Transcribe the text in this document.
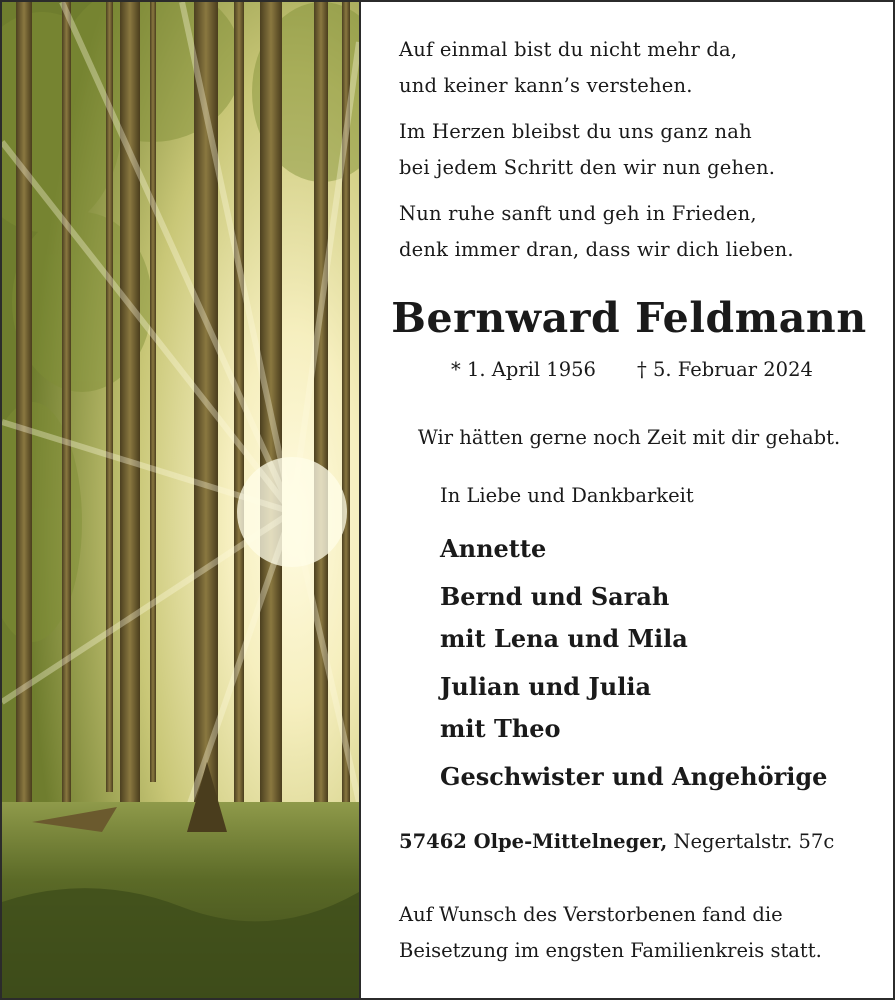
Auf einmal bist du nicht mehr da,
und keiner kann’s verstehen.
Im Herzen bleibst du uns ganz nah
bei jedem Schritt den wir nun gehen.
Nun ruhe sanft und geh in Frieden,
denk immer dran, dass wir dich lieben.
Bernward Feldmann
* 1. April 1956 † 5. Februar 2024
Wir hätten gerne noch Zeit mit dir gehabt.
In Liebe und Dankbarkeit
Annette
Bernd und Sarah
mit Lena und Mila
Julian und Julia
mit Theo
Geschwister und Angehörige
57462 Olpe-Mittelneger, Negertalstr. 57c
Auf Wunsch des Verstorbenen fand die
Beisetzung im engsten Familienkreis statt.
